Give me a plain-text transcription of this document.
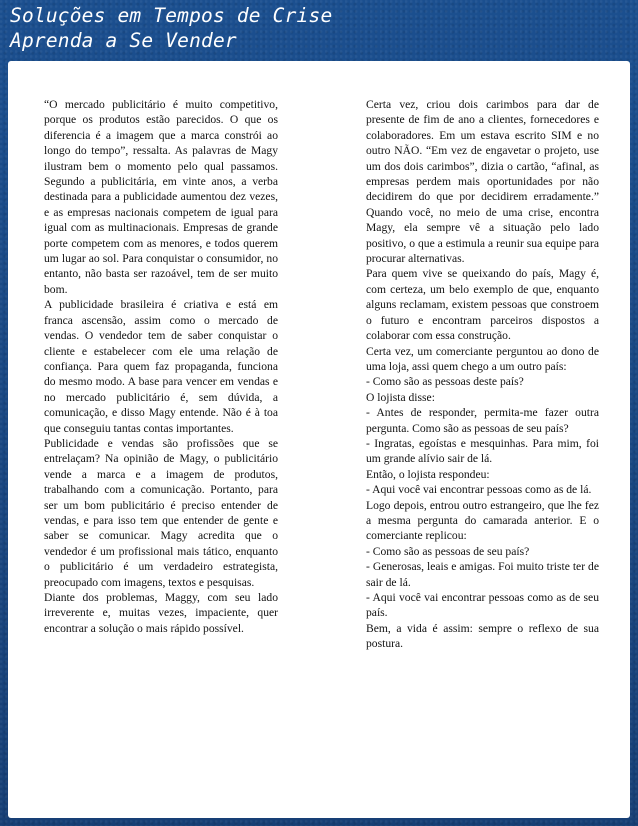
Soluções em Tempos de Crise
Aprenda a Se Vender

“O mercado publicitário é muito competitivo, porque os produtos estão parecidos. O que os diferencia é a imagem que a marca constrói ao longo do tempo”, ressalta. As palavras de Magy ilustram bem o momento pelo qual passamos. Segundo a publicitária, em vinte anos, a verba destinada para a publicidade aumentou dez vezes, e as empresas nacionais competem de igual para igual com as multinacionais. Empresas de grande porte competem com as menores, e todos querem um lugar ao sol. Para conquistar o consumidor, no entanto, não basta ser razoável, tem de ser muito bom.

A publicidade brasileira é criativa e está em franca ascensão, assim como o mercado de vendas. O vendedor tem de saber conquistar o cliente e estabelecer com ele uma relação de confiança. Para quem faz propaganda, funciona do mesmo modo. A base para vencer em vendas e no mercado publicitário é, sem dúvida, a comunicação, e disso Magy entende. Não é à toa que conseguiu tantas contas importantes.

Publicidade e vendas são profissões que se entrelaçam? Na opinião de Magy, o publicitário vende a marca e a imagem de produtos, trabalhando com a comunicação. Portanto, para ser um bom publicitário é preciso entender de vendas, e para isso tem que entender de gente e saber se comunicar. Magy acredita que o vendedor é um profissional mais tático, enquanto o publicitário é um verdadeiro estrategista, preocupado com imagens, textos e pesquisas.

Diante dos problemas, Maggy, com seu lado irreverente e, muitas vezes, impaciente, quer encontrar a solução o mais rápido possível.

Certa vez, criou dois carimbos para dar de presente de fim de ano a clientes, fornecedores e colaboradores. Em um estava escrito SIM e no outro NÃO. “Em vez de engavetar o projeto, use um dos dois carimbos”, dizia o cartão, “afinal, as empresas perdem mais oportunidades por não decidirem do que por decidirem erradamente.” Quando você, no meio de uma crise, encontra Magy, ela sempre vê a situação pelo lado positivo, o que a estimula a reunir sua equipe para procurar alternativas.

Para quem vive se queixando do país, Magy é, com certeza, um belo exemplo de que, enquanto alguns reclamam, existem pessoas que constroem o futuro e encontram parceiros dispostos a colaborar com essa construção.

Certa vez, um comerciante perguntou ao dono de uma loja, assi quem chego a um outro país:

- Como são as pessoas deste país?

O lojista disse:

- Antes de responder, permita-me fazer outra pergunta. Como são as pessoas de seu país?

- Ingratas, egoístas e mesquinhas. Para mim, foi um grande alívio sair de lá.

Então, o lojista respondeu:

- Aqui você vai encontrar pessoas como as de lá.

Logo depois, entrou outro estrangeiro, que lhe fez a mesma pergunta do camarada anterior. E o comerciante replicou:

- Como são as pessoas de seu país?

- Generosas, leais e amigas. Foi muito triste ter de sair de lá.

- Aqui você vai encontrar pessoas como as de seu país.

Bem, a vida é assim: sempre o reflexo de sua postura.
